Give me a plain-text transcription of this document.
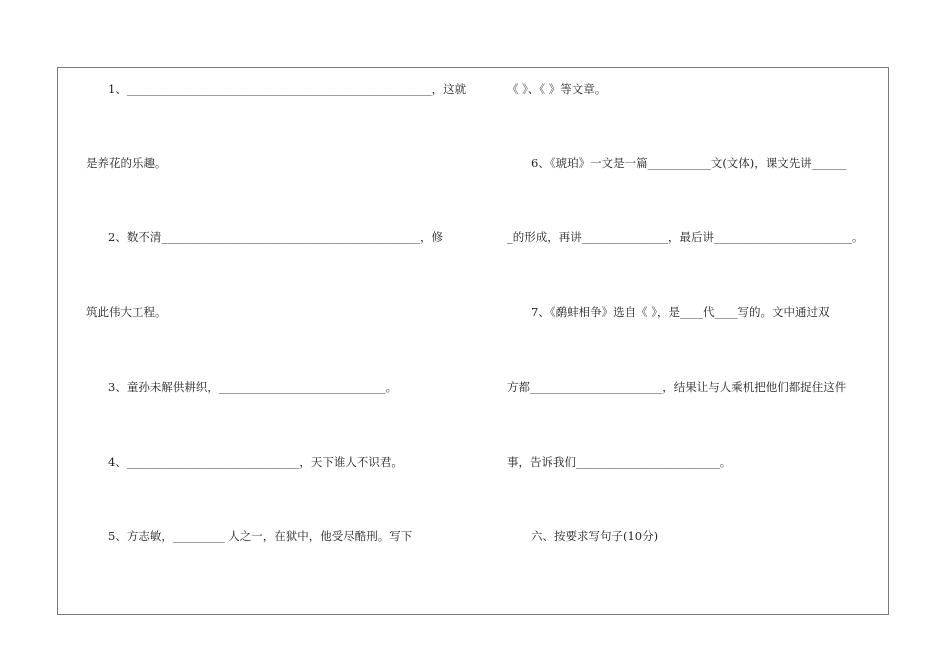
1、_____________________________________________________，这就
是养花的乐趣。
2、数不清_____________________________________________，修
筑此伟大工程。
3、童孙未解供耕织，_____________________________。
4、______________________________，天下谁人不识君。
5、方志敏，_________ 人之一，在狱中，他受尽酷刑。写下
《 》、《 》等文章。
6、《琥珀》一文是一篇___________文(文体)，课文先讲______
_的形成，再讲_______________，最后讲________________________。
7、《鹬蚌相争》选自《 》，是____代____写的。文中通过双
方都_______________________，结果让与人乘机把他们都捉住这件
事，告诉我们_________________________。
六、按要求写句子(10分)
